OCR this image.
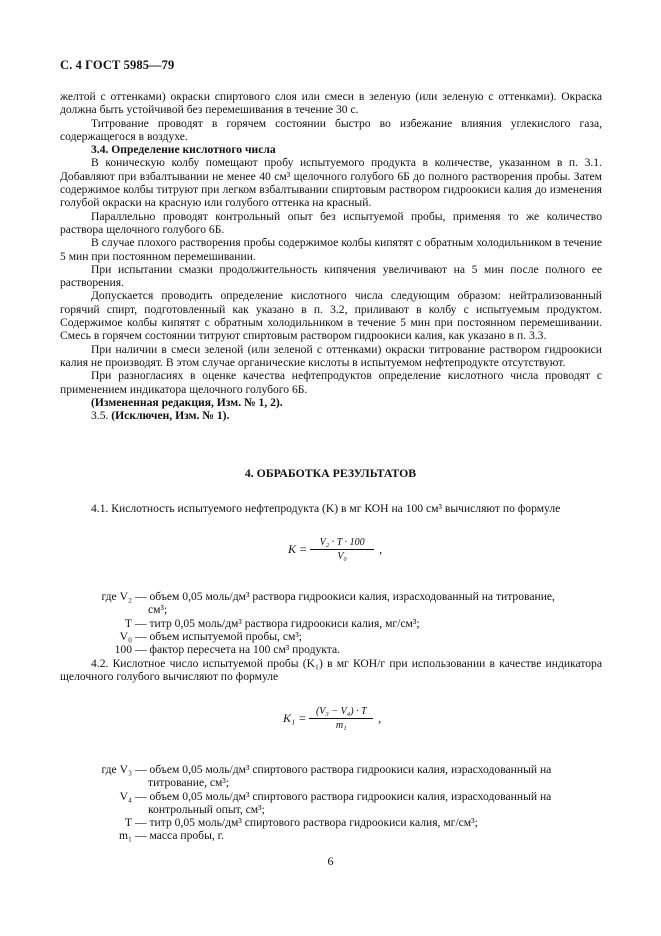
С. 4 ГОСТ 5985—79

желтой с оттенками) окраски спиртового слоя или смеси в зеленую (или зеленую с оттенками). Окраска должна быть устойчивой без перемешивания в течение 30 с.

Титрование проводят в горячем состоянии быстро во избежание влияния углекислого газа, содержащегося в воздухе.

3.4. Определение кислотного числа

В коническую колбу помещают пробу испытуемого продукта в количестве, указанном в п. 3.1. Добавляют при взбалтывании не менее 40 см³ щелочного голубого 6Б до полного растворения пробы. Затем содержимое колбы титруют при легком взбалтывании спиртовым раствором гидроокиси калия до изменения голубой окраски на красную или голубого оттенка на красный.

Параллельно проводят контрольный опыт без испытуемой пробы, применяя то же количество раствора щелочного голубого 6Б.

В случае плохого растворения пробы содержимое колбы кипятят с обратным холодильником в течение 5 мин при постоянном перемешивании.

При испытании смазки продолжительность кипячения увеличивают на 5 мин после полного ее растворения.

Допускается проводить определение кислотного числа следующим образом: нейтрализованный горячий спирт, подготовленный как указано в п. 3.2, приливают в колбу с испытуемым продуктом. Содержимое колбы кипятят с обратным холодильником в течение 5 мин при постоянном перемешивании. Смесь в горячем состоянии титруют спиртовым раствором гидроокиси калия, как указано в п. 3.3.

При наличии в смеси зеленой (или зеленой с оттенками) окраски титрование раствором гидроокиси калия не производят. В этом случае органические кислоты в испытуемом нефтепродукте отсутствуют.

При разногласиях в оценке качества нефтепродуктов определение кислотного числа проводят с применением индикатора щелочного голубого 6Б.

(Измененная редакция, Изм. № 1, 2).

3.5. (Исключен, Изм. № 1).

4. ОБРАБОТКА РЕЗУЛЬТАТОВ

4.1. Кислотность испытуемого нефтепродукта (K) в мг КОН на 100 см³ вычисляют по формуле

$K = \frac{\text{V₂ · T · 100}}{\text{V₀}}$ ,
где V₂ — объем 0,05 моль/дм³ раствора гидроокиси калия, израсходованный на титрование,
см³;
T — титр 0,05 моль/дм³ раствора гидроокиси калия, мг/см³;
V₀ — объем испытуемой пробы, см³;
100 — фактор пересчета на 100 см³ продукта.

4.2. Кислотное число испытуемой пробы (K₁) в мг КОН/г при использовании в качестве индикатора щелочного голубого вычисляют по формуле

$K_1 = \frac{\text{(V₃ − V₄) · T}}{\text{m₁}}$ ,
где V₃ — объем 0,05 моль/дм³ спиртового раствора гидроокиси калия, израсходованный на
титрование, см³;
V₄ — объем 0,05 моль/дм³ спиртового раствора гидроокиси калия, израсходованный на
контрольный опыт, см³;
T — титр 0,05 моль/дм³ спиртового раствора гидроокиси калия, мг/см³;
m₁ — масса пробы, г.
6
